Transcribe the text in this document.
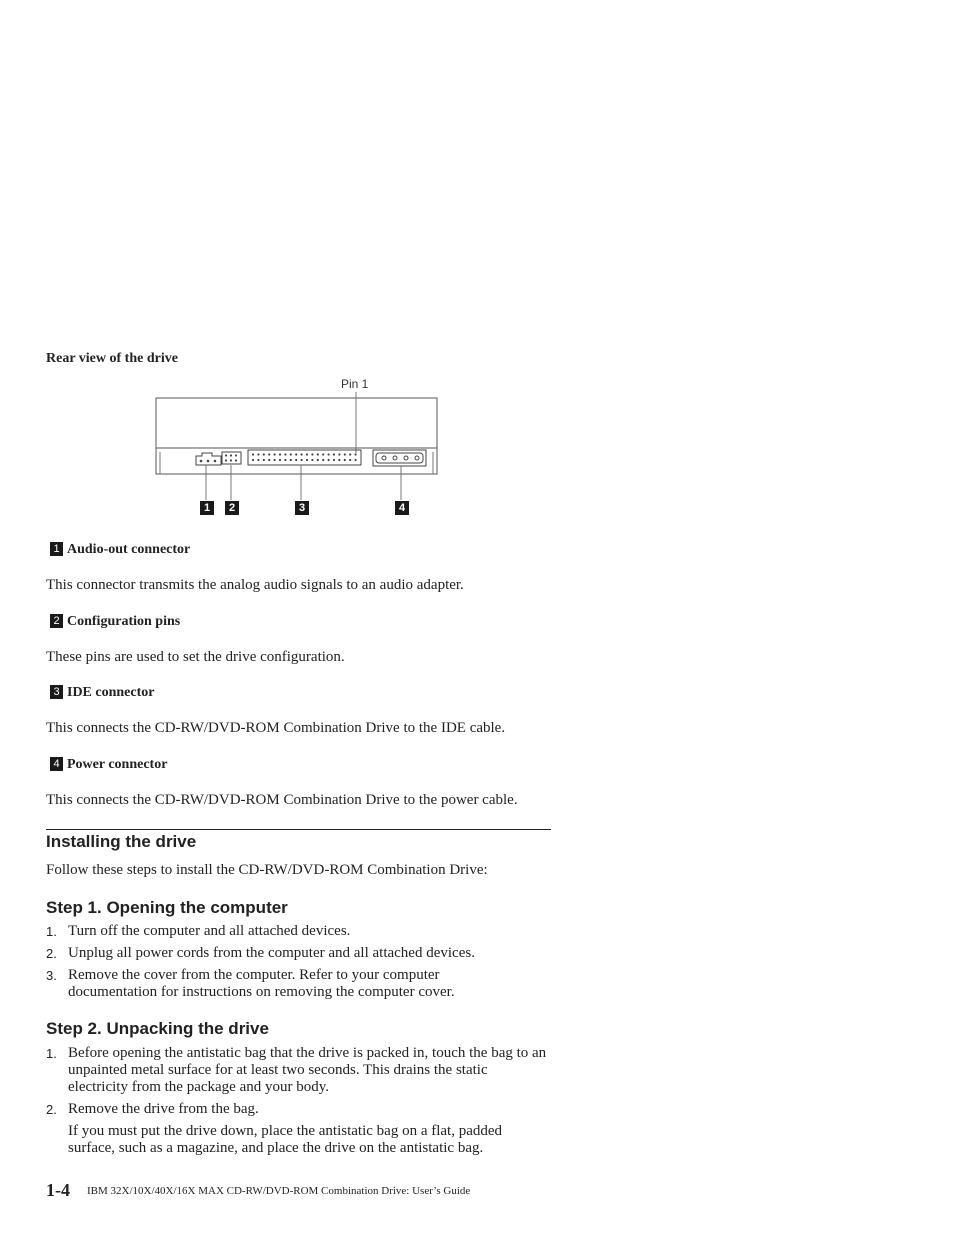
Rear view of the drive
Pin 1
1	2	3	4
1 Audio-out connector
This connector transmits the analog audio signals to an audio adapter.
2 Configuration pins
These pins are used to set the drive configuration.
3 IDE connector
This connects the CD-RW/DVD-ROM Combination Drive to the IDE cable.
4 Power connector
This connects the CD-RW/DVD-ROM Combination Drive to the power cable.
Installing the drive
Follow these steps to install the CD-RW/DVD-ROM Combination Drive:
Step 1. Opening the computer
1. Turn off the computer and all attached devices.
2. Unplug all power cords from the computer and all attached devices.
3. Remove the cover from the computer. Refer to your computer documentation for instructions on removing the computer cover.
Step 2. Unpacking the drive
1. Before opening the antistatic bag that the drive is packed in, touch the bag to an unpainted metal surface for at least two seconds. This drains the static electricity from the package and your body.
2. Remove the drive from the bag.
If you must put the drive down, place the antistatic bag on a flat, padded surface, such as a magazine, and place the drive on the antistatic bag.
1-4 IBM 32X/10X/40X/16X MAX CD-RW/DVD-ROM Combination Drive: User’s Guide
